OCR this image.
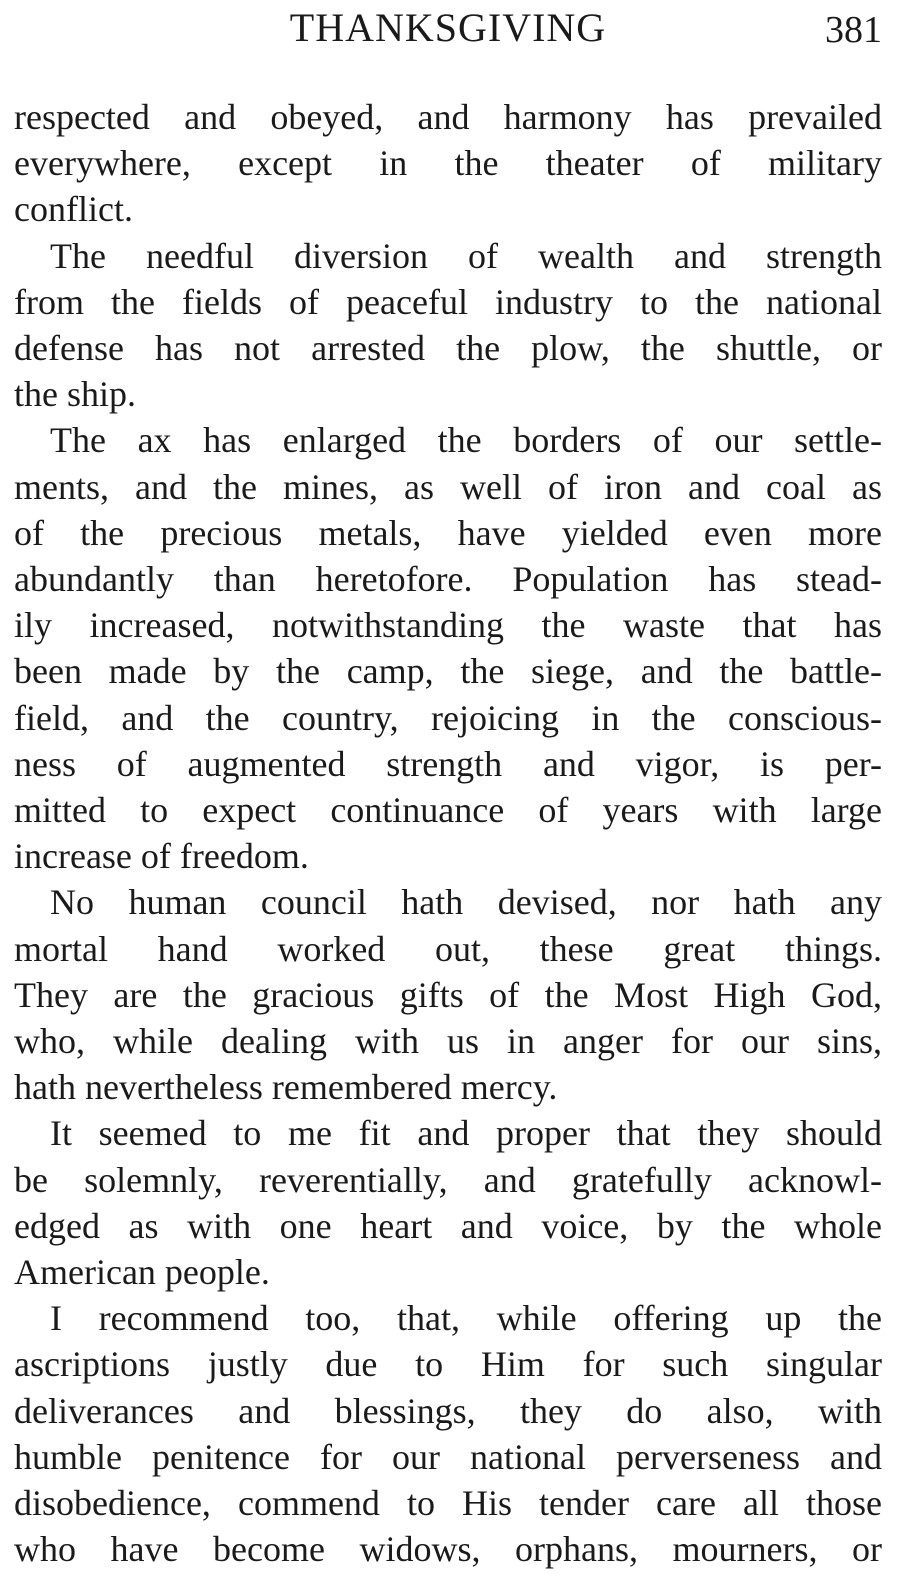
THANKSGIVING	381

respected and obeyed, and harmony has prevailed
everywhere, except in the theater of military
conflict.

The needful diversion of wealth and strength
from the fields of peaceful industry to the national
defense has not arrested the plow, the shuttle, or
the ship.

The ax has enlarged the borders of our settle-
ments, and the mines, as well of iron and coal as
of the precious metals, have yielded even more
abundantly than heretofore. Population has stead-
ily increased, notwithstanding the waste that has
been made by the camp, the siege, and the battle-
field, and the country, rejoicing in the conscious-
ness of augmented strength and vigor, is per-
mitted to expect continuance of years with large
increase of freedom.

No human council hath devised, nor hath any
mortal hand worked out, these great things.
They are the gracious gifts of the Most High God,
who, while dealing with us in anger for our sins,
hath nevertheless remembered mercy.

It seemed to me fit and proper that they should
be solemnly, reverentially, and gratefully acknowl-
edged as with one heart and voice, by the whole
American people.

I recommend too, that, while offering up the
ascriptions justly due to Him for such singular
deliverances and blessings, they do also, with
humble penitence for our national perverseness and
disobedience, commend to His tender care all those
who have become widows, orphans, mourners, or
